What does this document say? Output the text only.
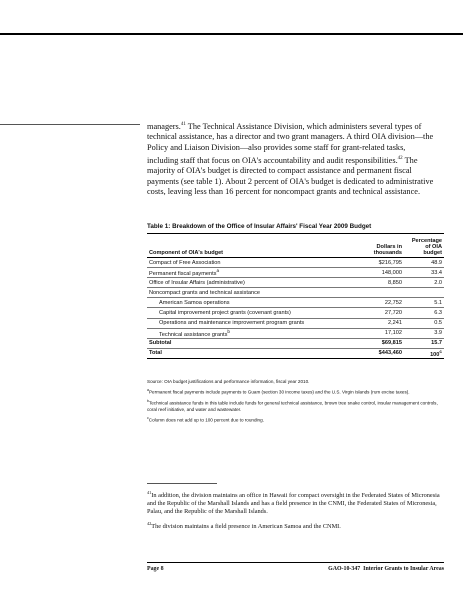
managers.$^{41}$ The Technical Assistance Division, which administers several types of technical assistance, has a director and two grant managers. A third OIA division—the Policy and Liaison Division—also provides some staff for grant-related tasks, including staff that focus on OIA's accountability and audit responsibilities.$^{42}$ The majority of OIA's budget is directed to compact assistance and permanent fiscal payments (see table 1). About 2 percent of OIA's budget is dedicated to administrative costs, leaving less than 16 percent for noncompact grants and technical assistance.

Table 1: Breakdown of the Office of Insular Affairs' Fiscal Year 2009 Budget

Component of OIA's budget	Dollars in thousands	Percentage of OIA budget
Compact of Free Association	$216,795	48.9
Permanent fiscal payments$^a$	148,000	33.4
Office of Insular Affairs (administrative)	8,850	2.0
Noncompact grants and technical assistance		
American Samoa operations	22,752	5.1
Capital improvement project grants (covenant grants)	27,720	6.3
Operations and maintenance improvement program grants	2,241	0.5
Technical assistance grants$^b$	17,102	3.9
Subtotal	$69,815	15.7
Total	$443,460	100$^c$

Source: OIA budget justifications and performance information, fiscal year 2010.

$^a$Permanent fiscal payments include payments to Guam (section 30 income taxes) and the U.S. Virgin Islands (rum excise taxes).

$^b$Technical assistance funds in this table include funds for general technical assistance, brown tree snake control, insular management controls, coral reef initiative, and water and wastewater.

$^c$Column does not add up to 100 percent due to rounding.

$^{41}$In addition, the division maintains an office in Hawaii for compact oversight in the Federated States of Micronesia and the Republic of the Marshall Islands and has a field presence in the CNMI, the Federated States of Micronesia, Palau, and the Republic of the Marshall Islands.

$^{42}$The division maintains a field presence in American Samoa and the CNMI.

Page 8	GAO-10-347  Interior Grants to Insular Areas
